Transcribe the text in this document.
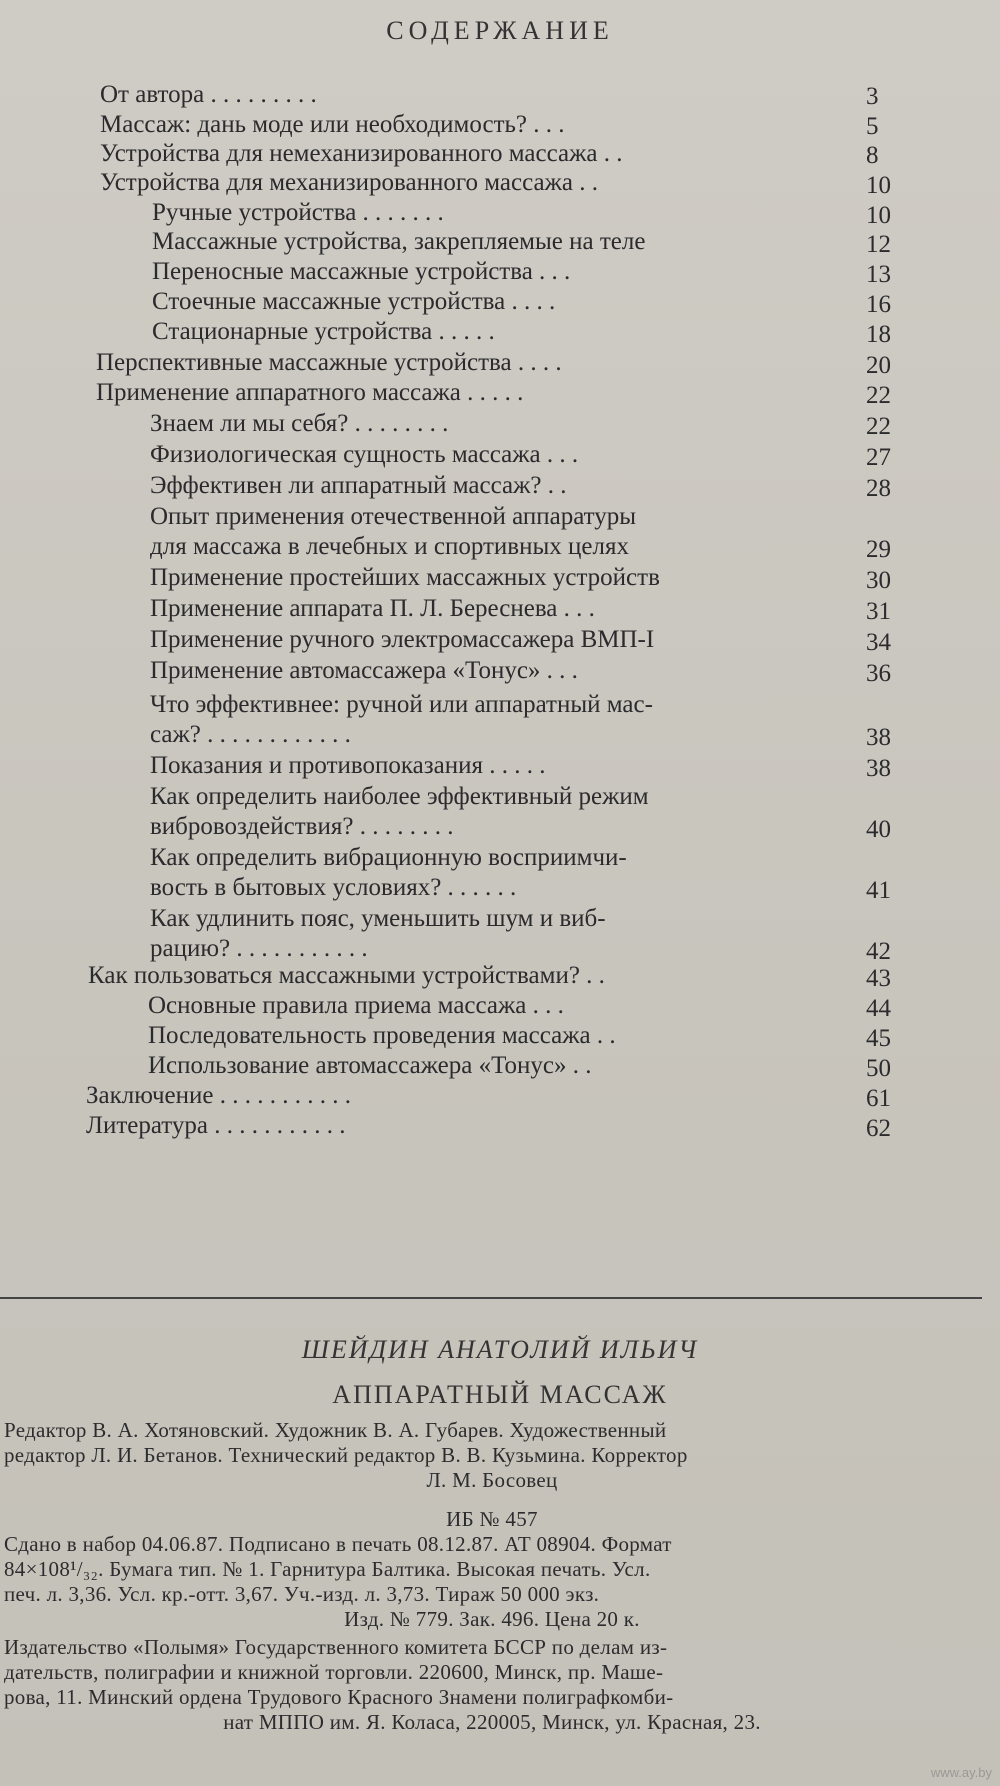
СОДЕРЖАНИЕ
От автора . . . . . . . . .	3
Массаж: дань моде или необходимость? . . .	5
Устройства для немеханизированного массажа . .	8
Устройства для механизированного массажа . .	10
Ручные устройства . . . . . . .	10
Массажные устройства, закрепляемые на теле	12
Переносные массажные устройства . . .	13
Стоечные массажные устройства . . . .	16
Стационарные устройства . . . . .	18
Перспективные массажные устройства . . . .	20
Применение аппаратного массажа . . . . .	22
Знаем ли мы себя? . . . . . . . .	22
Физиологическая сущность массажа . . .	27
Эффективен ли аппаратный массаж? . .	28
Опыт применения отечественной аппаратуры
для массажа в лечебных и спортивных целях	29
Применение простейших массажных устройств	30
Применение аппарата П. Л. Береснева . . .	31
Применение ручного электромассажера ВМП-I	34
Применение автомассажера «Тонус» . . .	36
Что эффективнее: ручной или аппаратный мас-
саж? . . . . . . . . . . . .	38
Показания и противопоказания . . . . .	38
Как определить наиболее эффективный режим
вибровоздействия? . . . . . . . .	40
Как определить вибрационную восприимчи-
вость в бытовых условиях? . . . . . .	41
Как удлинить пояс, уменьшить шум и виб-
рацию? . . . . . . . . . . .	42
Как пользоваться массажными устройствами? . .	43
Основные правила приема массажа . . .	44
Последовательность проведения массажа . .	45
Использование автомассажера «Тонус» . .	50
Заключение . . . . . . . . . . .	61
Литература . . . . . . . . . . .	62
ШЕЙДИН АНАТОЛИЙ ИЛЬИЧ
АППАРАТНЫЙ МАССАЖ
Редактор В. А. Хотяновский. Художник В. А. Губарев. Художественный
редактор Л. И. Бетанов. Технический редактор В. В. Кузьмина. Корректор
Л. М. Босовец
ИБ № 457
Сдано в набор 04.06.87. Подписано в печать 08.12.87. АТ 08904. Формат
84×108¹/₃₂. Бумага тип. № 1. Гарнитура Балтика. Высокая печать. Усл.
печ. л. 3,36. Усл. кр.-отт. 3,67. Уч.-изд. л. 3,73. Тираж 50 000 экз.
Изд. № 779. Зак. 496. Цена 20 к.
Издательство «Полымя» Государственного комитета БССР по делам из-
дательств, полиграфии и книжной торговли. 220600, Минск, пр. Маше-
рова, 11. Минский ордена Трудового Красного Знамени полиграфкомби-
нат МППО им. Я. Коласа, 220005, Минск, ул. Красная, 23.
www.ay.by
